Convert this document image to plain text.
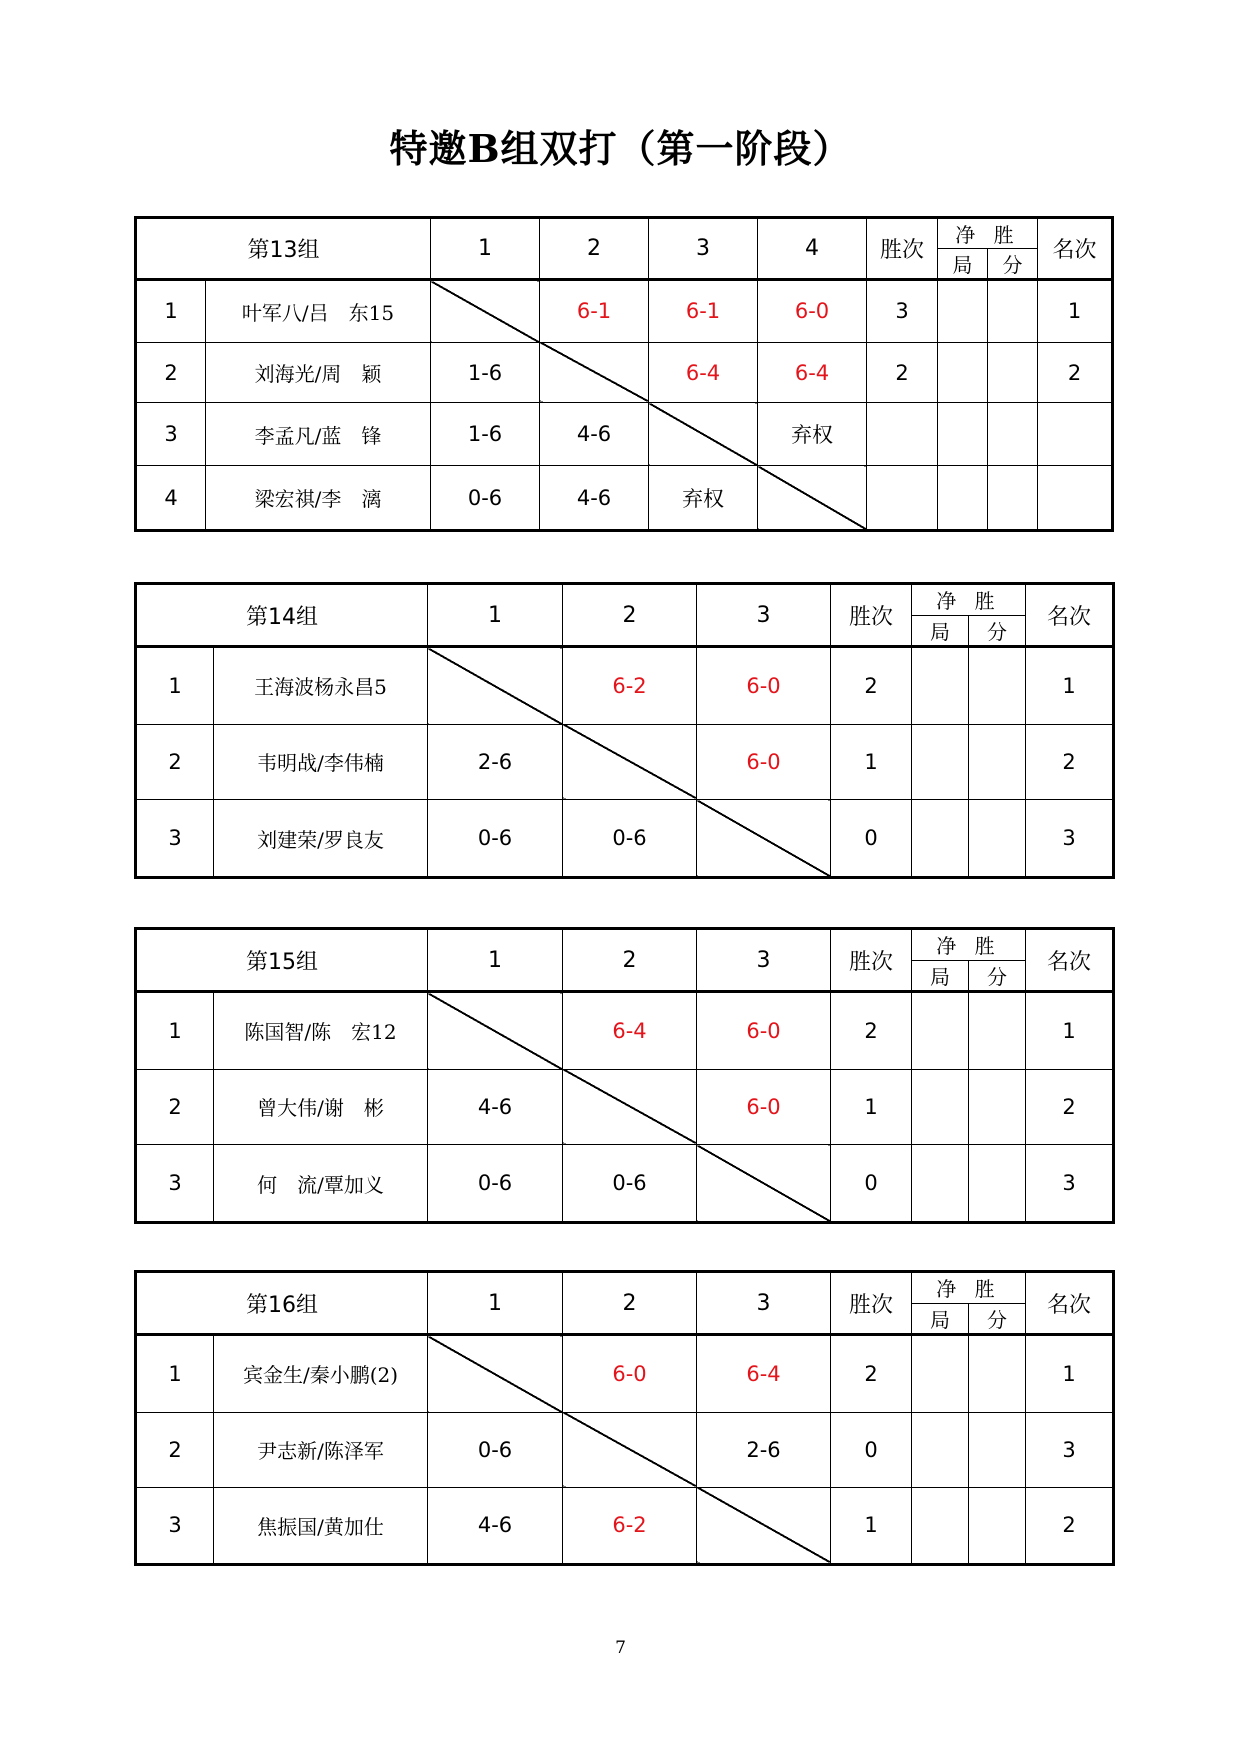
特邀B组双打（第一阶段）
第13组		1	2	3	4	胜次	净 胜
局 分		名次
1	叶军八/吕　东15		6-1	6-1	6-0	3			1
2	刘海光/周　颖	1-6		6-4	6-4	2			2
3	李孟凡/蓝　锋	1-6	4-6		弃权				
4	梁宏祺/李　漓	0-6	4-6	弃权					
第14组		1	2	3	胜次	净 胜
局 分		名次
1	王海波杨永昌5		6-2	6-0	2			1
2	韦明战/李伟楠	2-6		6-0	1			2
3	刘建荣/罗良友	0-6	0-6		0			3
第15组		1	2	3	胜次	净 胜
局 分		名次
1	陈国智/陈　宏12		6-4	6-0	2			1
2	曾大伟/谢　彬	4-6		6-0	1			2
3	何　流/覃加义	0-6	0-6		0			3
第16组		1	2	3	胜次	净 胜
局 分		名次
1	宾金生/秦小鹏(2)		6-0	6-4	2			1
2	尹志新/陈泽军	0-6		2-6	0			3
3	焦振国/黄加仕	4-6	6-2		1			2
7
